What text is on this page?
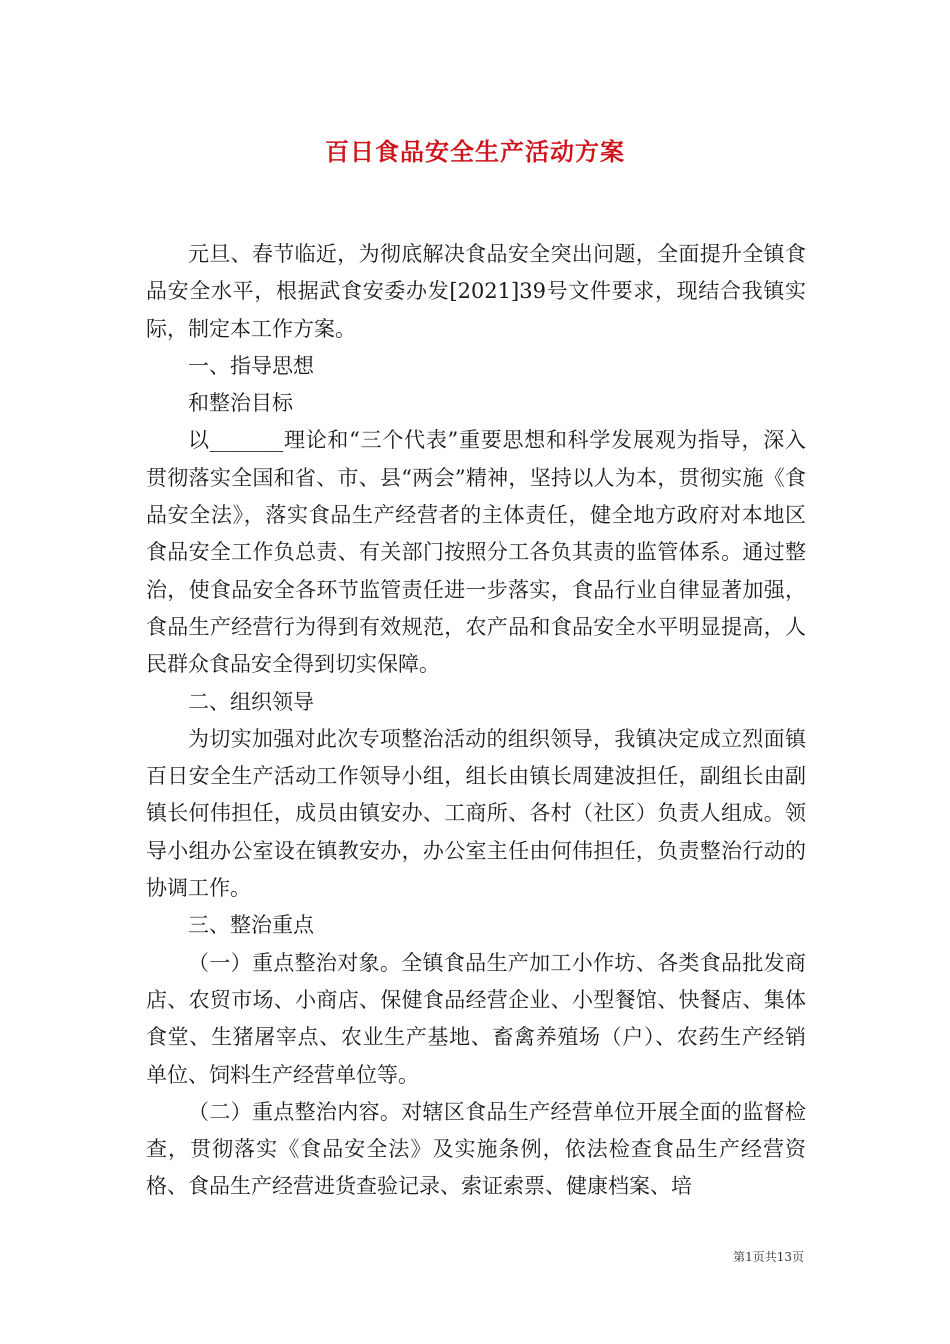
百日食品安全生产活动方案

元旦、春节临近，为彻底解决食品安全突出问题，全面提升全镇食品安全水平，根据武食安委办发[2021]39号文件要求，现结合我镇实际，制定本工作方案。

一、指导思想

和整治目标

以_______理论和“三个代表”重要思想和科学发展观为指导，深入贯彻落实全国和省、市、县“两会”精神，坚持以人为本，贯彻实施《食品安全法》，落实食品生产经营者的主体责任，健全地方政府对本地区食品安全工作负总责、有关部门按照分工各负其责的监管体系。通过整治，使食品安全各环节监管责任进一步落实，食品行业自律显著加强，食品生产经营行为得到有效规范，农产品和食品安全水平明显提高，人民群众食品安全得到切实保障。

二、组织领导

为切实加强对此次专项整治活动的组织领导，我镇决定成立烈面镇百日安全生产活动工作领导小组，组长由镇长周建波担任，副组长由副镇长何伟担任，成员由镇安办、工商所、各村（社区）负责人组成。领导小组办公室设在镇教安办，办公室主任由何伟担任，负责整治行动的协调工作。

三、整治重点

（一）重点整治对象。全镇食品生产加工小作坊、各类食品批发商店、农贸市场、小商店、保健食品经营企业、小型餐馆、快餐店、集体食堂、生猪屠宰点、农业生产基地、畜禽养殖场（户）、农药生产经销单位、饲料生产经营单位等。

（二）重点整治内容。对辖区食品生产经营单位开展全面的监督检查，贯彻落实《食品安全法》及实施条例，依法检查食品生产经营资格、食品生产经营进货查验记录、索证索票、健康档案、培

第1页共13页
